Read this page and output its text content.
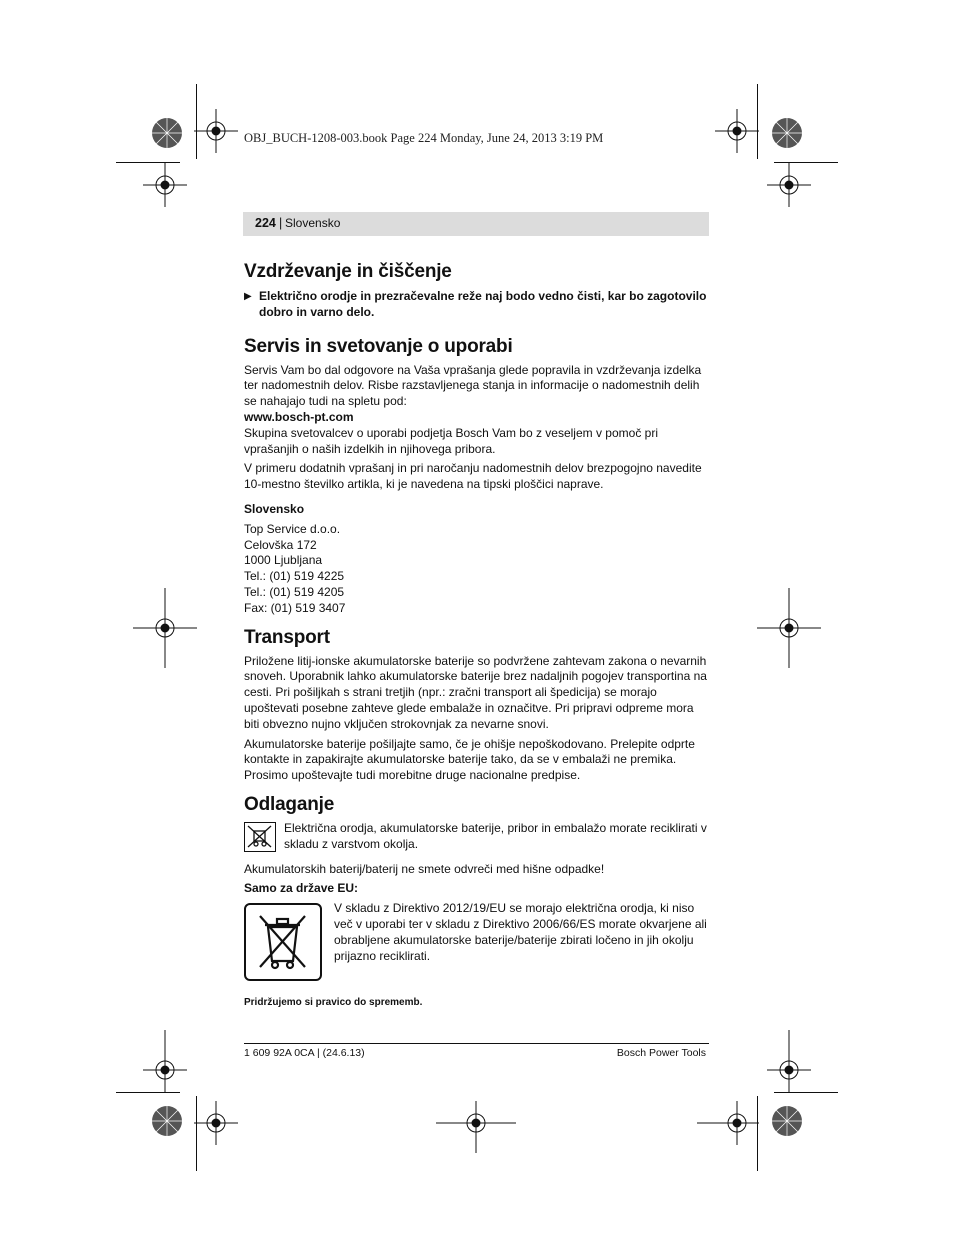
OBJ_BUCH-1208-003.book Page 224 Monday, June 24, 2013 3:19 PM
224 | Slovensko
Vzdrževanje in čiščenje
▶ Električno orodje in prezračevalne reže naj bodo vedno čisti, kar bo zagotovilo dobro in varno delo.
Servis in svetovanje o uporabi

Servis Vam bo dal odgovore na Vaša vprašanja glede popravila in vzdrževanja izdelka ter nadomestnih delov. Risbe razstavljenega stanja in informacije o nadomestnih delih se nahajajo tudi na spletu pod:

www.bosch-pt.com

Skupina svetovalcev o uporabi podjetja Bosch Vam bo z veseljem v pomoč pri vprašanjih o naših izdelkih in njihovega pribora.

V primeru dodatnih vprašanj in pri naročanju nadomestnih delov brezpogojno navedite 10-mestno številko artikla, ki je navedena na tipski ploščici naprave.

Slovensko

Top Service d.o.o.

Celovška 172

1000 Ljubljana

Tel.: (01) 519 4225

Tel.: (01) 519 4205

Fax: (01) 519 3407

Transport

Priložene litij-ionske akumulatorske baterije so podvržene zahtevam zakona o nevarnih snoveh. Uporabnik lahko akumulatorske baterije brez nadaljnih pogojev transportina na cesti. Pri pošiljkah s strani tretjih (npr.: zračni transport ali špedicija) se morajo upoštevati posebne zahteve glede embalaže in označitve. Pri pripravi odpreme mora biti obvezno nujno vključen strokovnjak za nevarne snovi.

Akumulatorske baterije pošiljajte samo, če je ohišje nepoškodovano. Prelepite odprte kontakte in zapakirajte akumulatorske baterije tako, da se v embalaži ne premika.

Prosimo upoštevajte tudi morebitne druge nacionalne predpise.

Odlaganje

Električna orodja, akumulatorske baterije, pribor in embalažo morate reciklirati v skladu z varstvom okolja.

Akumulatorskih baterij/baterij ne smete odvreči med hišne odpadke!

Samo za države EU:

V skladu z Direktivo 2012/19/EU se morajo električna orodja, ki niso več v uporabi ter v skladu z Direktivo 2006/66/ES morate okvarjene ali obrabljene akumulatorske baterije/baterije zbirati ločeno in jih okolju prijazno reciklirati.

Pridržujemo si pravico do sprememb.

1 609 92A 0CA | (24.6.13)	Bosch Power Tools
